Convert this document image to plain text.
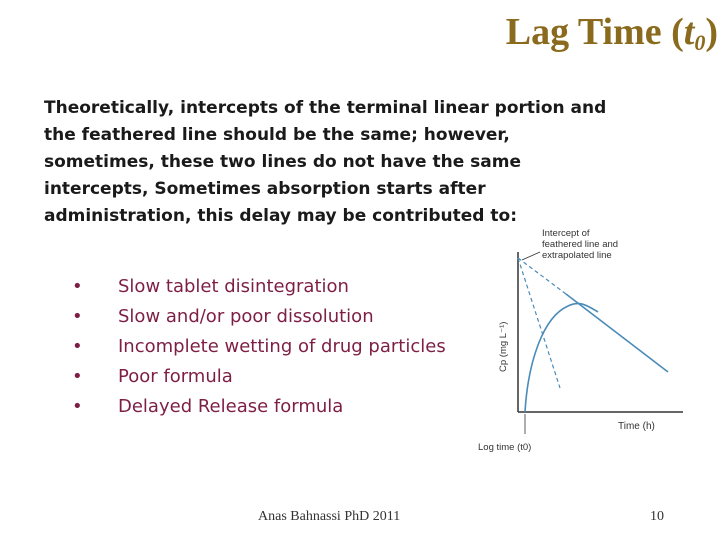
Lag Time $(t_0)$

Theoretically, intercepts of the terminal linear portion and the feathered line should be the same; however, sometimes, these two lines do not have the same intercepts, Sometimes absorption starts after administration, this delay may be contributed to:

• Slow tablet disintegration
• Slow and/or poor dissolution
• Incomplete wetting of drug particles
• Poor formula
• Delayed Release formula
Intercept of feathered line and extrapolated line
Cp (mg L⁻¹)
Time (h)
Log time (t0)
Anas Bahnassi PhD 2011	10
